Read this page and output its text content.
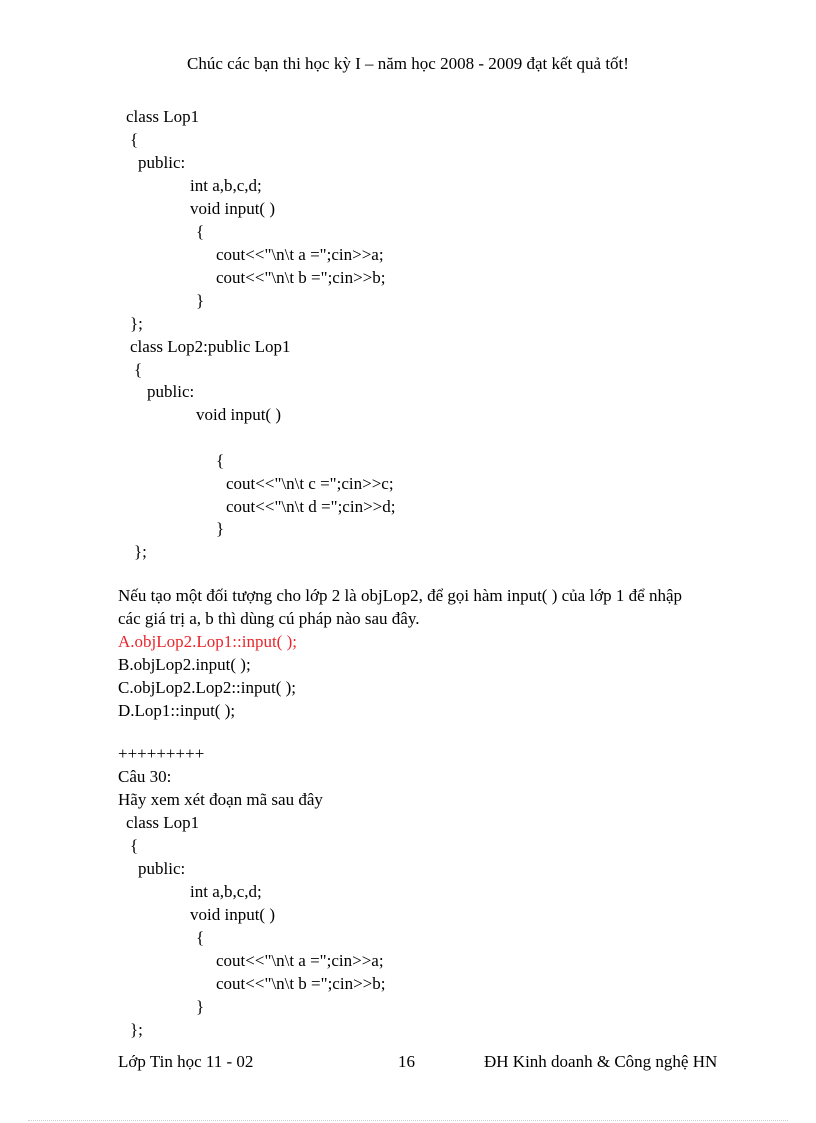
Chúc các bạn thi học kỳ I – năm học 2008 - 2009 đạt kết quả tốt!
class Lop1
{
public:
int a,b,c,d;
void input( )
{
cout<<"\n\t a =";cin>>a;
cout<<"\n\t b =";cin>>b;
}
};
class Lop2:public Lop1
{
public:
void input( )
{
cout<<"\n\t c =";cin>>c;
cout<<"\n\t d =";cin>>d;
}
};
Nếu tạo một đối tượng cho lớp 2 là objLop2, để gọi hàm input( ) của lớp 1 để nhập
các giá trị a, b thì dùng cú pháp nào sau đây.
A.objLop2.Lop1::input( );
B.objLop2.input( );
C.objLop2.Lop2::input( );
D.Lop1::input( );
+++++++++
Câu 30:
Hãy xem xét đoạn mã sau đây
class Lop1
{
public:
int a,b,c,d;
void input( )
{
cout<<"\n\t a =";cin>>a;
cout<<"\n\t b =";cin>>b;
}
};
Lớp Tin học 11 - 02	16	ĐH Kinh doanh & Công nghệ HN
